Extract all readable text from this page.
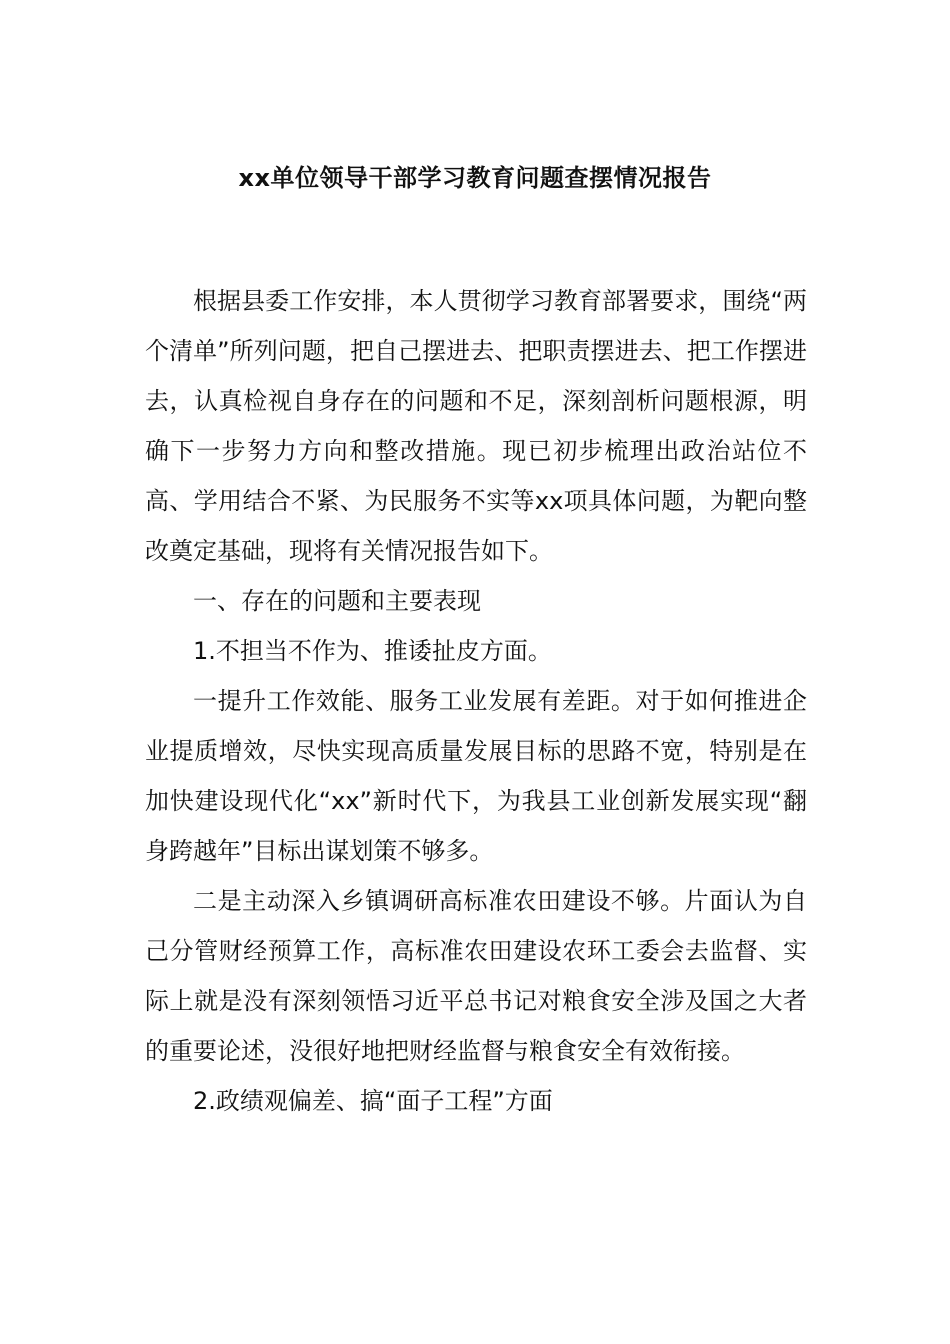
xx单位领导干部学习教育问题查摆情况报告

根据县委工作安排，本人贯彻学习教育部署要求，围绕“两个清单”所列问题，把自己摆进去、把职责摆进去、把工作摆进去，认真检视自身存在的问题和不足，深刻剖析问题根源，明确下一步努力方向和整改措施。现已初步梳理出政治站位不高、学用结合不紧、为民服务不实等xx项具体问题，为靶向整改奠定基础，现将有关情况报告如下。

一、存在的问题和主要表现

1.不担当不作为、推诿扯皮方面。

一提升工作效能、服务工业发展有差距。对于如何推进企业提质增效，尽快实现高质量发展目标的思路不宽，特别是在加快建设现代化“xx”新时代下，为我县工业创新发展实现“翻身跨越年”目标出谋划策不够多。

二是主动深入乡镇调研高标准农田建设不够。片面认为自己分管财经预算工作，高标准农田建设农环工委会去监督、实际上就是没有深刻领悟习近平总书记对粮食安全涉及国之大者的重要论述，没很好地把财经监督与粮食安全有效衔接。

2.政绩观偏差、搞“面子工程”方面
